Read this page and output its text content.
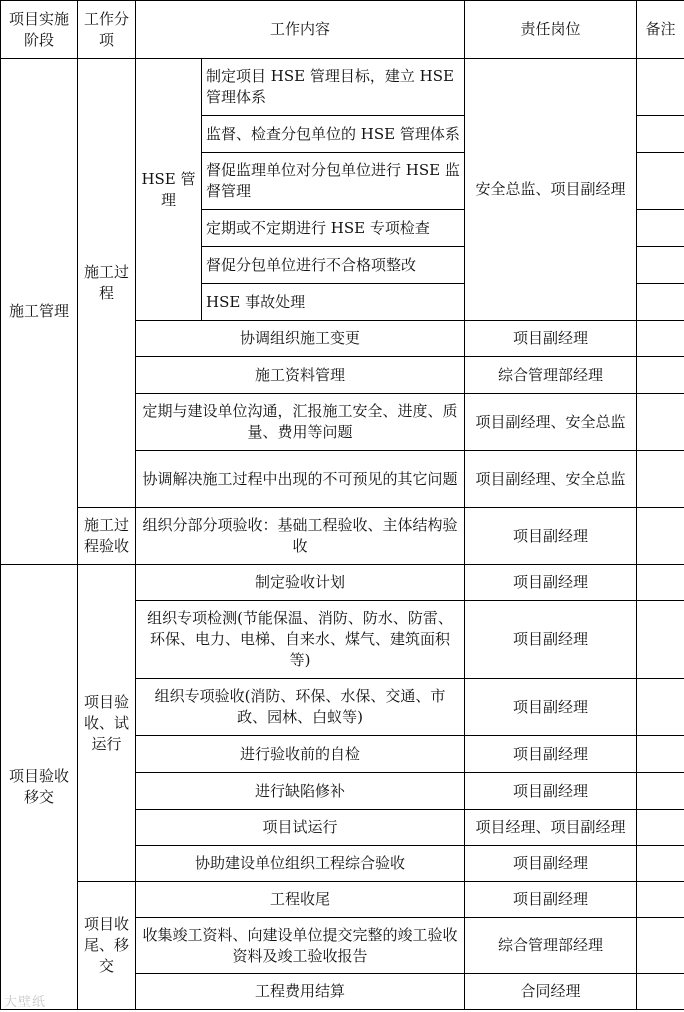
项目实施阶段	工作分项	工作内容		责任岗位	备注
施工管理	施工过程	HSE 管理	制定项目 HSE 管理目标，建立 HSE 管理体系	安全总监、项目副经理	
			监督、检查分包单位的 HSE 管理体系		
			督促监理单位对分包单位进行 HSE 监督管理		
			定期或不定期进行 HSE 专项检查		
			督促分包单位进行不合格项整改		
			HSE 事故处理		
		协调组织施工变更		项目副经理	
		施工资料管理		综合管理部经理	
		定期与建设单位沟通，汇报施工安全、进度、质量、费用等问题		项目副经理、安全总监	
		协调解决施工过程中出现的不可预见的其它问题		项目副经理、安全总监	
	施工过程验收	组织分部分项验收：基础工程验收、主体结构验收		项目副经理	
项目验收移交	项目验收、试运行	制定验收计划		项目副经理	
		组织专项检测(节能保温、消防、防水、防雷、环保、电力、电梯、自来水、煤气、建筑面积等)		项目副经理	
		组织专项验收(消防、环保、水保、交通、市政、园林、白蚁等)		项目副经理	
		进行验收前的自检		项目副经理	
		进行缺陷修补		项目副经理	
		项目试运行		项目经理、项目副经理	
		协助建设单位组织工程综合验收		项目副经理	
	项目收尾、移交	工程收尾		项目副经理	
		收集竣工资料、向建设单位提交完整的竣工验收资料及竣工验收报告		综合管理部经理	
		工程费用结算		合同经理	
大壁纸
